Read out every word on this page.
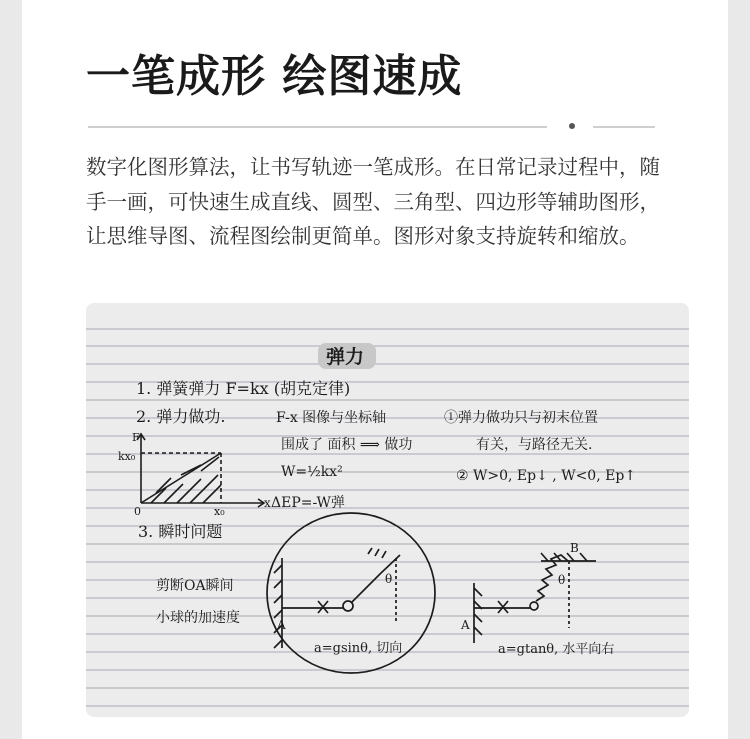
一笔成形 绘图速成
数字化图形算法，让书写轨迹一笔成形。在日常记录过程中，随手一画，可快速生成直线、圆型、三角型、四边形等辅助图形，让思维导图、流程图绘制更简单。图形对象支持旋转和缩放。
弹力
1. 弹簧弹力 F=kx (胡克定律)
2. 弹力做功.	F-x 图像与坐标轴
围成了 面积 ⟹ 做功
W=½kx²
ΔEP=-W弹
①弹力做功只与初末位置
有关，与路径无关.
② W>0, Ep↓ , W<0, Ep↑
F
kx₀
0	x₀
x
3. 瞬时问题
剪断OA瞬间
小球的加速度	A
θ
a=gsinθ, 切向
A
B
θ
a=gtanθ, 水平向右
